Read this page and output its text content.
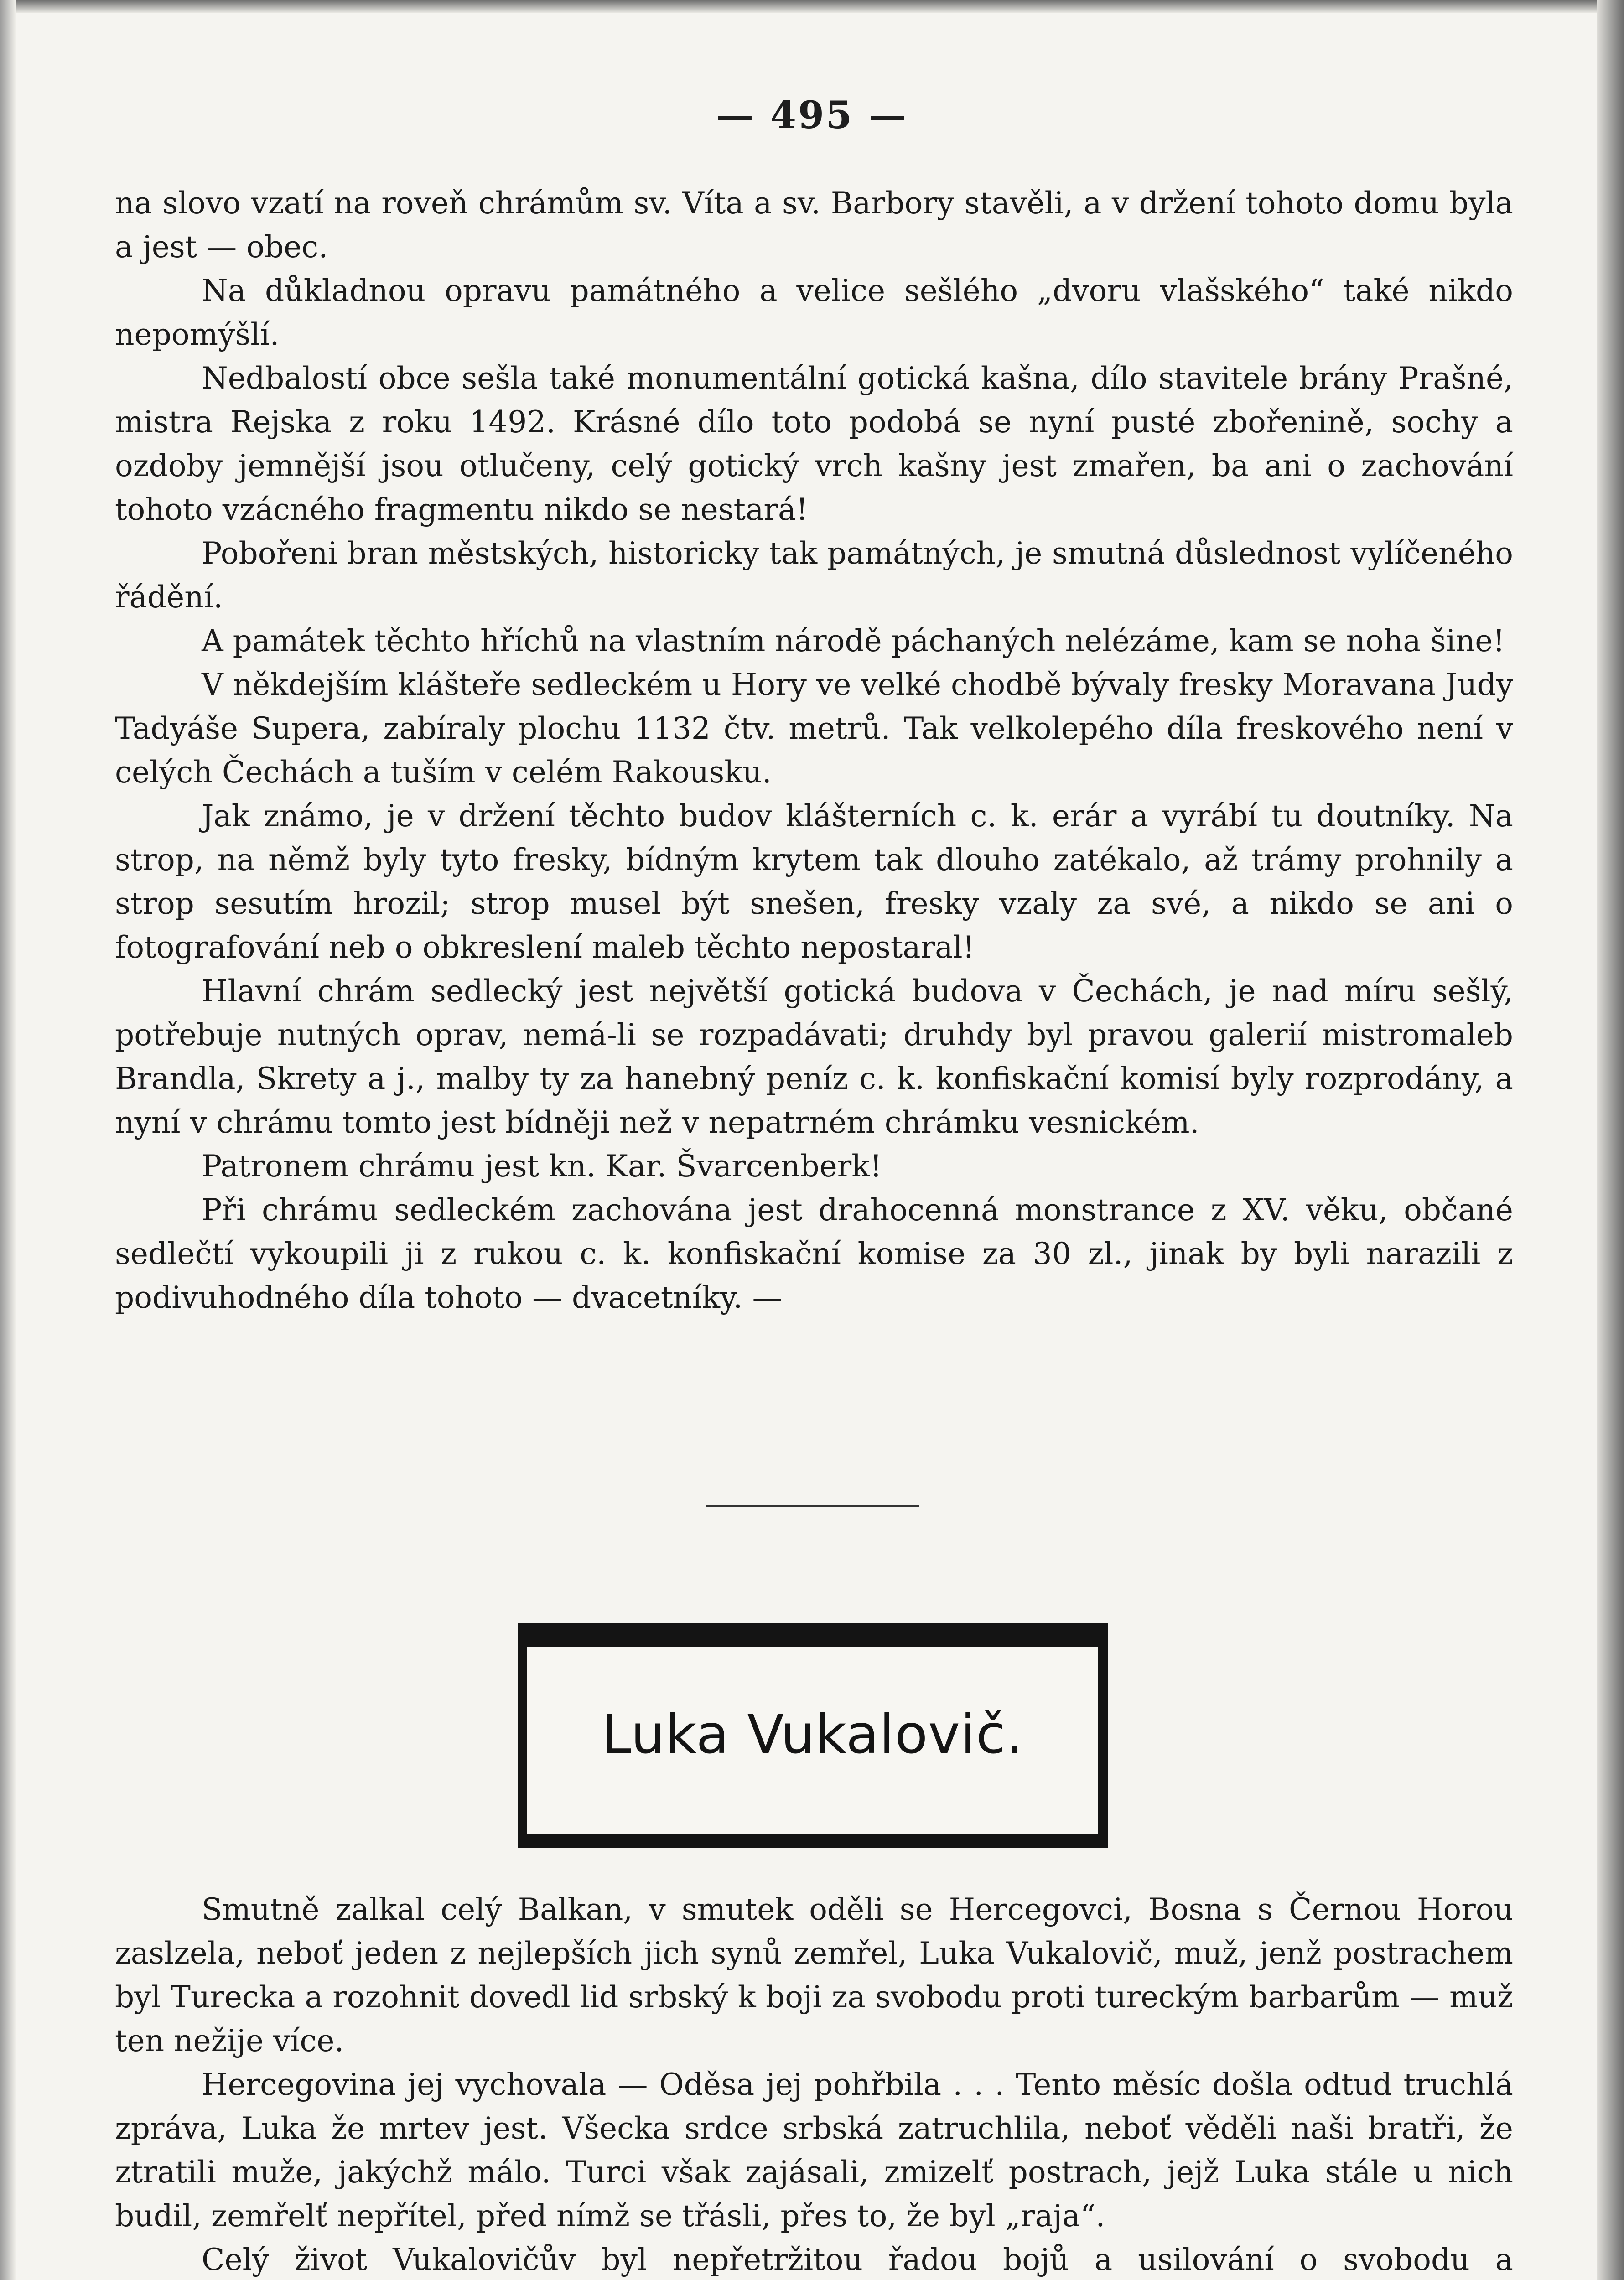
— 495 —

na slovo vzatí na roveň chrámům sv. Víta a sv. Barbory stavěli, a v držení tohoto domu byla a jest — obec.

Na důkladnou opravu památného a velice sešlého „dvoru vlašského“ také nikdo nepomýšlí.

Nedbalostí obce sešla také monumentální gotická kašna, dílo stavitele brány Prašné, mistra Rejska z roku 1492. Krásné dílo toto podobá se nyní pusté zbořenině, sochy a ozdoby jemnější jsou otlučeny, celý gotický vrch kašny jest zmařen, ba ani o zachování tohoto vzácného fragmentu nikdo se nestará!

Pobořeni bran městských, historicky tak památných, je smutná důslednost vylíčeného řádění.

A památek těchto hříchů na vlastním národě páchaných nelézáme, kam se noha šine!

V někdejším klášteře sedleckém u Hory ve velké chodbě bývaly fresky Moravana Judy Tadyáše Supera, zabíraly plochu 1132 čtv. metrů. Tak velkolepého díla freskového není v celých Čechách a tuším v celém Rakousku.

Jak známo, je v držení těchto budov klášterních c. k. erár a vyrábí tu doutníky. Na strop, na němž byly tyto fresky, bídným krytem tak dlouho zatékalo, až trámy prohnily a strop sesutím hrozil; strop musel být snešen, fresky vzaly za své, a nikdo se ani o fotografování neb o obkreslení maleb těchto nepostaral!

Hlavní chrám sedlecký jest největší gotická budova v Čechách, je nad míru sešlý, potřebuje nutných oprav, nemá-li se rozpadávati; druhdy byl pravou galerií mistromaleb Brandla, Skrety a j., malby ty za hanebný peníz c. k. konfiskační komisí byly rozprodány, a nyní v chrámu tomto jest bídněji než v nepatrném chrámku vesnickém.

Patronem chrámu jest kn. Kar. Švarcenberk!

Při chrámu sedleckém zachována jest drahocenná monstrance z XV. věku, občané sedlečtí vykoupili ji z rukou c. k. konfiskační komise za 30 zl., jinak by byli narazili z podivuhodného díla tohoto — dvacetníky. —

Luka Vukalovič.

Smutně zalkal celý Balkan, v smutek oděli se Hercegovci, Bosna s Černou Horou zaslzela, neboť jeden z nejlepších jich synů zemřel, Luka Vukalovič, muž, jenž postrachem byl Turecka a rozohnit dovedl lid srbský k boji za svobodu proti tureckým barbarům — muž ten nežije více.

Hercegovina jej vychovala — Oděsa jej pohřbila . . . Tento měsíc došla odtud truchlá zpráva, Luka že mrtev jest. Všecka srdce srbská zatruchlila, neboť věděli naši bratři, že ztratili muže, jakýchž málo. Turci však zajásali, zmizelť postrach, jejž Luka stále u nich budil, zemřelť nepřítel, před nímž se třásli, přes to, že byl „raja“.

Celý život Vukalovičův byl nepřetržitou řadou bojů a usilování o svobodu a
